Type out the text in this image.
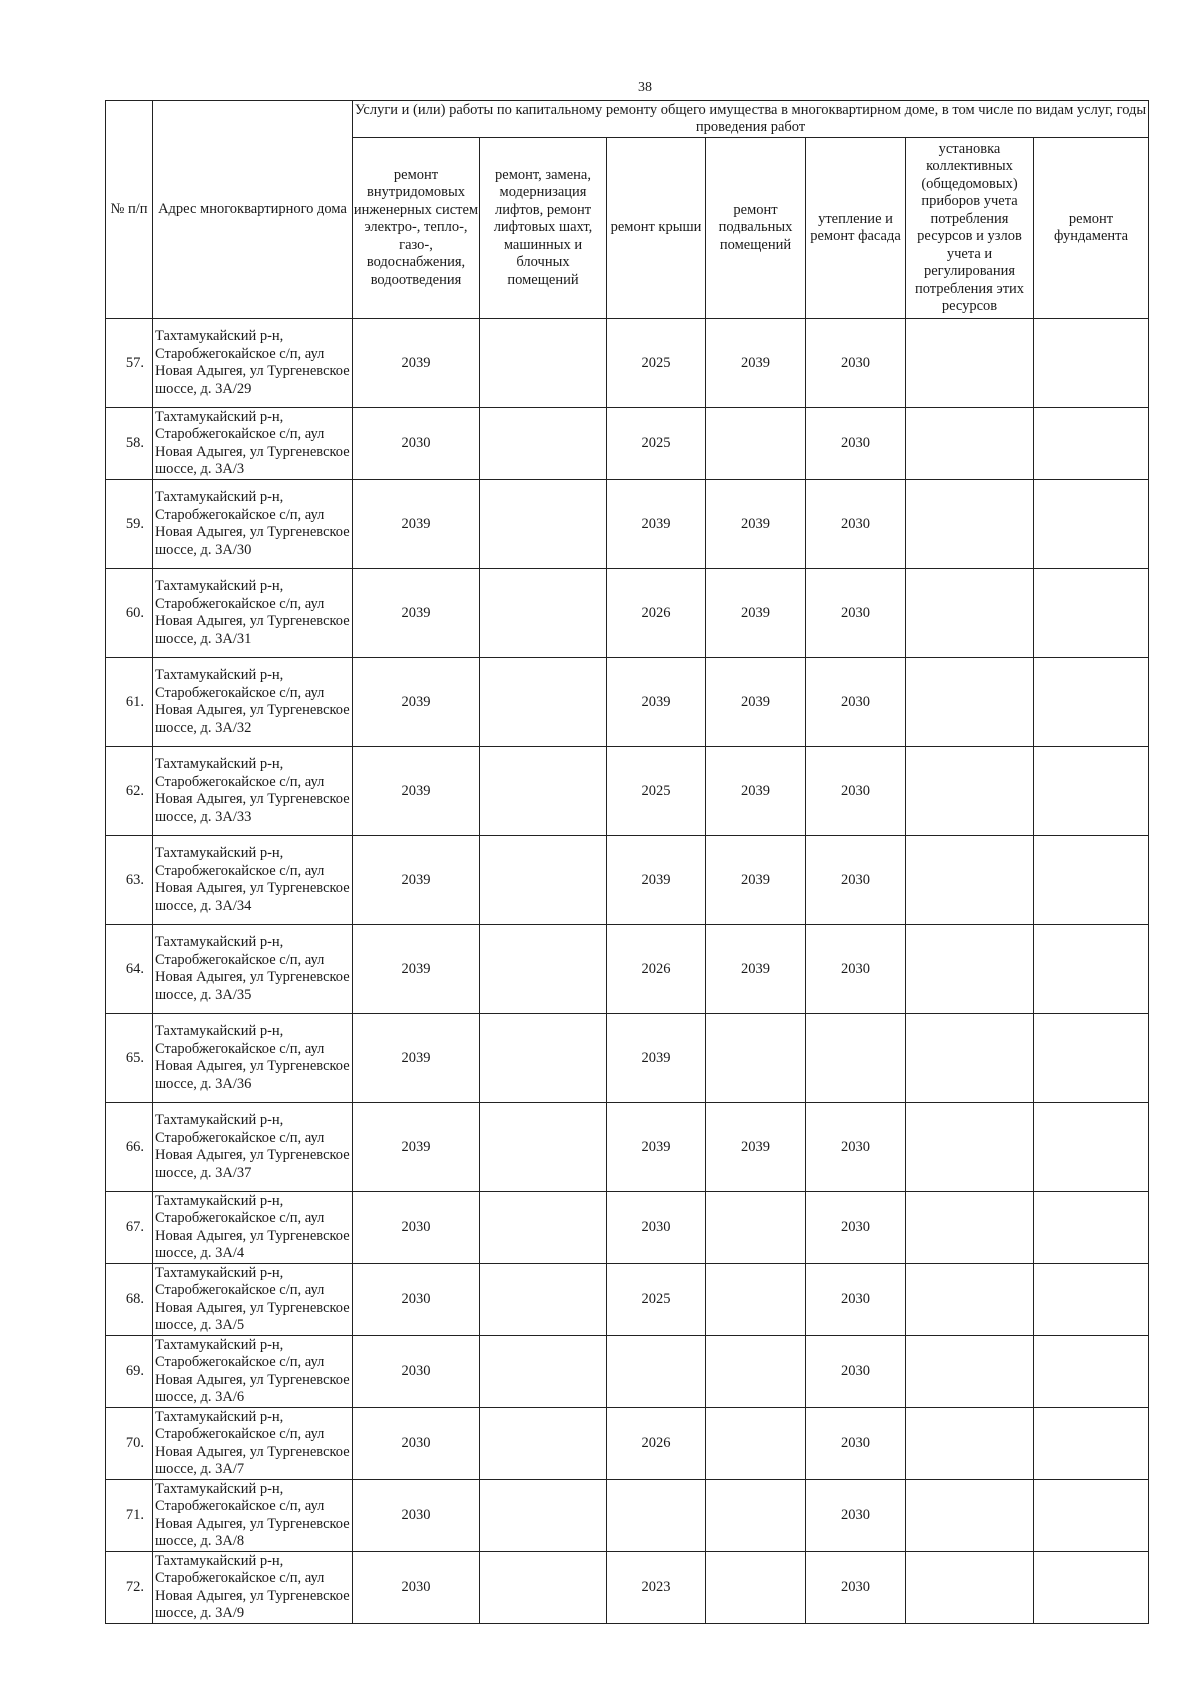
38
№ п/п	Адрес многоквартирного дома	Услуги и (или) работы по капитальному ремонту общего имущества в многоквартирном доме, в том числе по видам услуг, годы проведения работ						
		ремонт внутридомовых инженерных систем электро-, тепло-, газо-, водоснабжения, водоотведения	ремонт, замена, модернизация лифтов, ремонт лифтовых шахт, машинных и блочных помещений	ремонт крыши	ремонт подвальных помещений	утепление и ремонт фасада	установка коллективных (общедомовых) приборов учета потребления ресурсов и узлов учета и регулирования потребления этих ресурсов	ремонт фундамента
57.	Тахтамукайский р-н, Старобжегокайское с/п, аул Новая Адыгея, ул Тургеневское шоссе, д. 3А/29	2039		2025	2039	2030		
58.	Тахтамукайский р-н, Старобжегокайское с/п, аул Новая Адыгея, ул Тургеневское шоссе, д. 3А/3	2030		2025		2030		
59.	Тахтамукайский р-н, Старобжегокайское с/п, аул Новая Адыгея, ул Тургеневское шоссе, д. 3А/30	2039		2039	2039	2030		
60.	Тахтамукайский р-н, Старобжегокайское с/п, аул Новая Адыгея, ул Тургеневское шоссе, д. 3А/31	2039		2026	2039	2030		
61.	Тахтамукайский р-н, Старобжегокайское с/п, аул Новая Адыгея, ул Тургеневское шоссе, д. 3А/32	2039		2039	2039	2030		
62.	Тахтамукайский р-н, Старобжегокайское с/п, аул Новая Адыгея, ул Тургеневское шоссе, д. 3А/33	2039		2025	2039	2030		
63.	Тахтамукайский р-н, Старобжегокайское с/п, аул Новая Адыгея, ул Тургеневское шоссе, д. 3А/34	2039		2039	2039	2030		
64.	Тахтамукайский р-н, Старобжегокайское с/п, аул Новая Адыгея, ул Тургеневское шоссе, д. 3А/35	2039		2026	2039	2030		
65.	Тахтамукайский р-н, Старобжегокайское с/п, аул Новая Адыгея, ул Тургеневское шоссе, д. 3А/36	2039		2039				
66.	Тахтамукайский р-н, Старобжегокайское с/п, аул Новая Адыгея, ул Тургеневское шоссе, д. 3А/37	2039		2039	2039	2030		
67.	Тахтамукайский р-н, Старобжегокайское с/п, аул Новая Адыгея, ул Тургеневское шоссе, д. 3А/4	2030		2030		2030		
68.	Тахтамукайский р-н, Старобжегокайское с/п, аул Новая Адыгея, ул Тургеневское шоссе, д. 3А/5	2030		2025		2030		
69.	Тахтамукайский р-н, Старобжегокайское с/п, аул Новая Адыгея, ул Тургеневское шоссе, д. 3А/6	2030				2030		
70.	Тахтамукайский р-н, Старобжегокайское с/п, аул Новая Адыгея, ул Тургеневское шоссе, д. 3А/7	2030		2026		2030		
71.	Тахтамукайский р-н, Старобжегокайское с/п, аул Новая Адыгея, ул Тургеневское шоссе, д. 3А/8	2030				2030		
72.	Тахтамукайский р-н, Старобжегокайское с/п, аул Новая Адыгея, ул Тургеневское шоссе, д. 3А/9	2030		2023		2030		
